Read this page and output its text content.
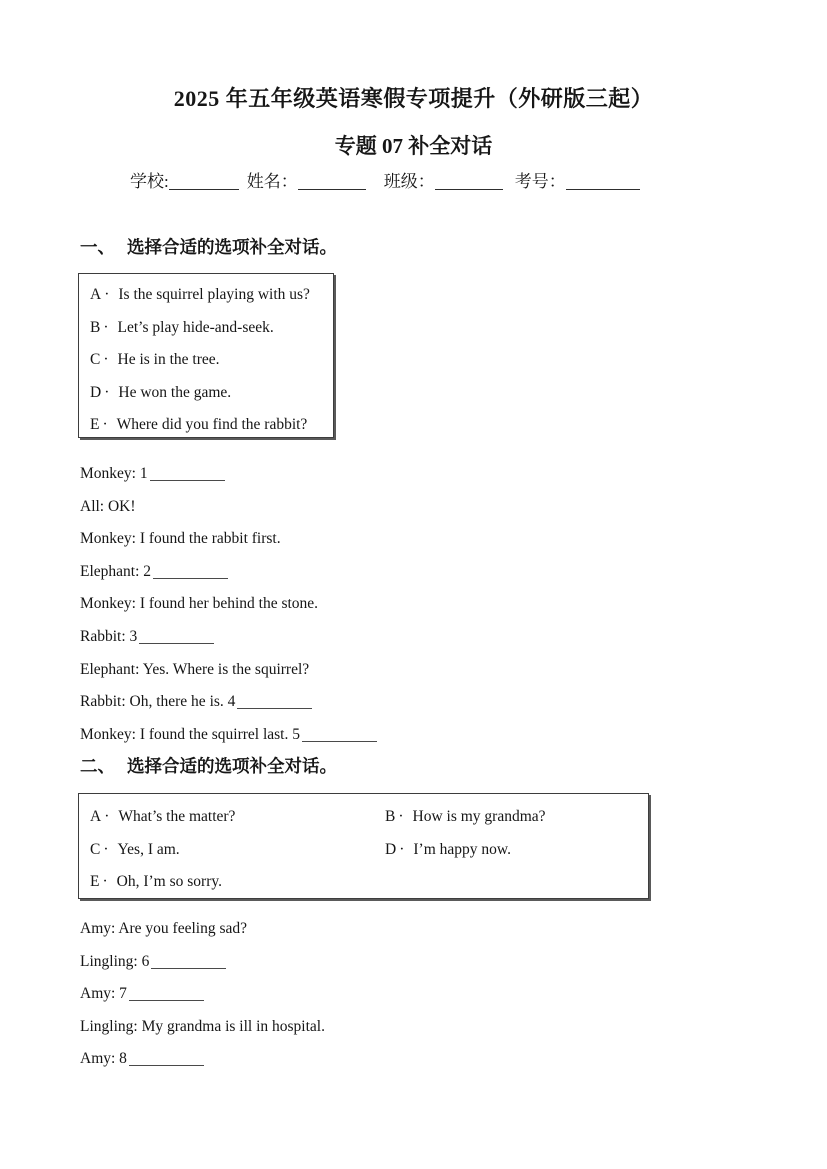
2025 年五年级英语寒假专项提升（外研版三起）
专题 07 补全对话
学校:	姓名：	班级：	考号：
一、 选择合适的选项补全对话。
A · Is the squirrel playing with us?
B · Let’s play hide-and-seek.
C · He is in the tree.
D · He won the game.
E · Where did you find the rabbit?
Monkey: 1
All: OK!
Monkey: I found the rabbit first.
Elephant: 2
Monkey: I found her behind the stone.
Rabbit: 3
Elephant: Yes. Where is the squirrel?
Rabbit: Oh, there he is. 4
Monkey: I found the squirrel last. 5
二、 选择合适的选项补全对话。
A · What’s the matter?	B · How is my grandma?
C · Yes, I am.	D · I’m happy now.
E · Oh, I’m so sorry.
Amy: Are you feeling sad?
Lingling: 6
Amy: 7
Lingling: My grandma is ill in hospital.
Amy: 8
